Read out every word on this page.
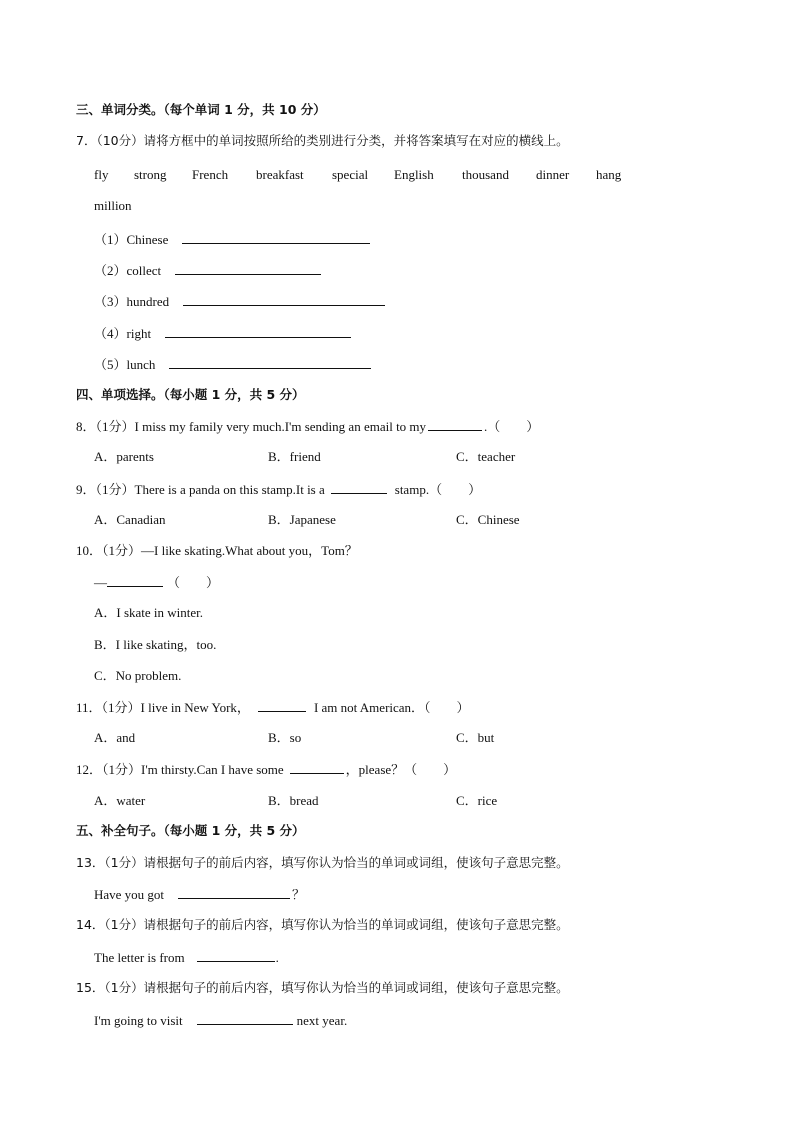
三、单词分类。（每个单词 1 分，共 10 分）
7．（10分）请将方框中的单词按照所给的类别进行分类，并将答案填写在对应的横线上。
fly strong French breakfast special English thousand dinner hang
million
（1）Chinese
（2）collect
（3）hundred
（4）right
（5）lunch
四、单项选择。（每小题 1 分，共 5 分）
8．（1分）I miss my family very much.I'm sending an email to my	.（　　）
A．parents	B．friend	C．teacher
9．（1分）There is a panda on this stamp.It is a	stamp.（　　）
A．Canadian	B．Japanese	C．Chinese
10．（1分）—I like skating.What about you，Tom？
—	（　　）
A．I skate in winter.
B．I like skating，too.
C．No problem.
11．（1分）I live in New York，	I am not American．（　　）
A．and	B．so	C．but
12．（1分）I'm thirsty.Can I have some	，please？（　　）
A．water	B．bread	C．rice
五、补全句子。（每小题 1 分，共 5 分）
13．（1分）请根据句子的前后内容，填写你认为恰当的单词或词组，使该句子意思完整。
Have you got	？
14．（1分）请根据句子的前后内容，填写你认为恰当的单词或词组，使该句子意思完整。
The letter is from	.
15．（1分）请根据句子的前后内容，填写你认为恰当的单词或词组，使该句子意思完整。
I'm going to visit	next year.
